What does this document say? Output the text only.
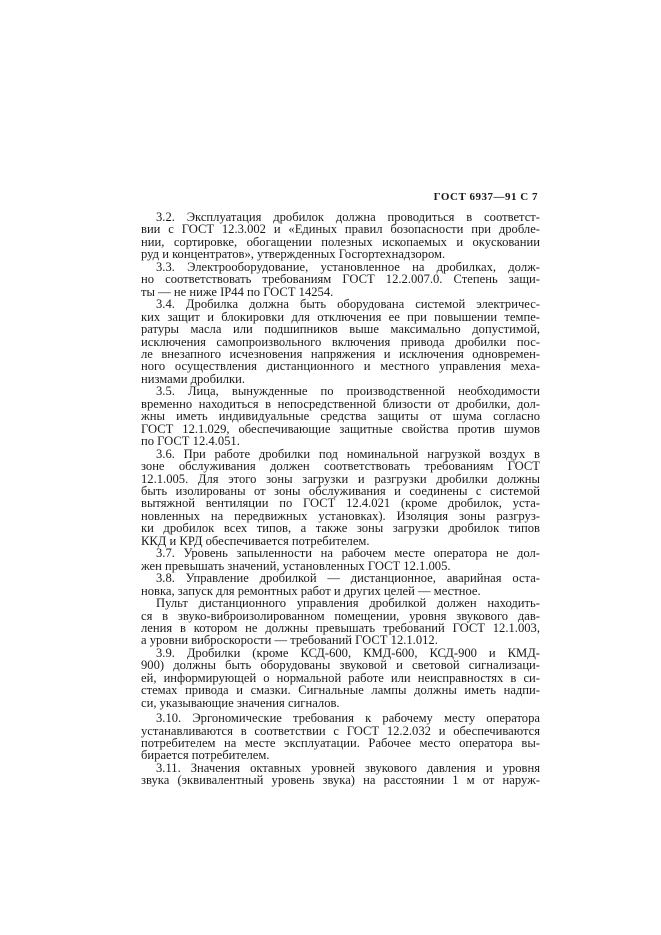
ГОСТ 6937—91 С 7
3.2. Эксплуатация дробилок должна проводиться в соответст-
вии с ГОСТ 12.3.002 и «Единых правил бозопасности при дробле-
нии, сортировке, обогащении полезных ископаемых и окусковании
руд и концентратов», утвержденных Госгортехнадзором.
3.3. Электрооборудование, установленное на дробилках, долж-
но соответствовать требованиям ГОСТ 12.2.007.0. Степень защи-
ты — не ниже IP44 по ГОСТ 14254.
3.4. Дробилка должна быть оборудована системой электричес-
ких защит и блокировки для отключения ее при повышении темпе-
ратуры масла или подшипников выше максимально допустимой,
исключения самопроизвольного включения привода дробилки пос-
ле внезапного исчезновения напряжения и исключения одновремен-
ного осуществления дистанционного и местного управления меха-
низмами дробилки.
3.5. Лица, вынужденные по производственной необходимости
временно находиться в непосредственной близости от дробилки, дол-
жны иметь индивидуальные средства защиты от шума согласно
ГОСТ 12.1.029, обеспечивающие защитные свойства против шумов
по ГОСТ 12.4.051.
3.6. При работе дробилки под номинальной нагрузкой воздух в
зоне обслуживания должен соответствовать требованиям ГОСТ
12.1.005. Для этого зоны загрузки и разгрузки дробилки должны
быть изолированы от зоны обслуживания и соединены с системой
вытяжной вентиляции по ГОСТ 12.4.021 (кроме дробилок, уста-
новленных на передвижных установках). Изоляция зоны разгруз-
ки дробилок всех типов, а также зоны загрузки дробилок типов
ККД и КРД обеспечивается потребителем.
3.7. Уровень запыленности на рабочем месте оператора не дол-
жен превышать значений, установленных ГОСТ 12.1.005.
3.8. Управление дробилкой — дистанционное, аварийная оста-
новка, запуск для ремонтных работ и других целей — местное.
Пульт дистанционного управления дробилкой должен находить-
ся в звуко-виброизолированном помещении, уровня звукового дав-
ления в котором не должны превышать требований ГОСТ 12.1.003,
а уровни виброскорости — требований ГОСТ 12.1.012.
3.9. Дробилки (кроме КСД-600, КМД-600, КСД-900 и КМД-
900) должны быть оборудованы звуковой и световой сигнализаци-
ей, информирующей о нормальной работе или неисправностях в си-
стемах привода и смазки. Сигнальные лампы должны иметь надпи-
си, указывающие значения сигналов.
3.10. Эргономические требования к рабочему месту оператора
устанавливаются в соответствии с ГОСТ 12.2.032 и обеспечиваются
потребителем на месте эксплуатации. Рабочее место оператора вы-
бирается потребителем.
3.11. Значения октавных уровней звукового давления и уровня
звука (эквивалентный уровень звука) на расстоянии 1 м от наруж-
